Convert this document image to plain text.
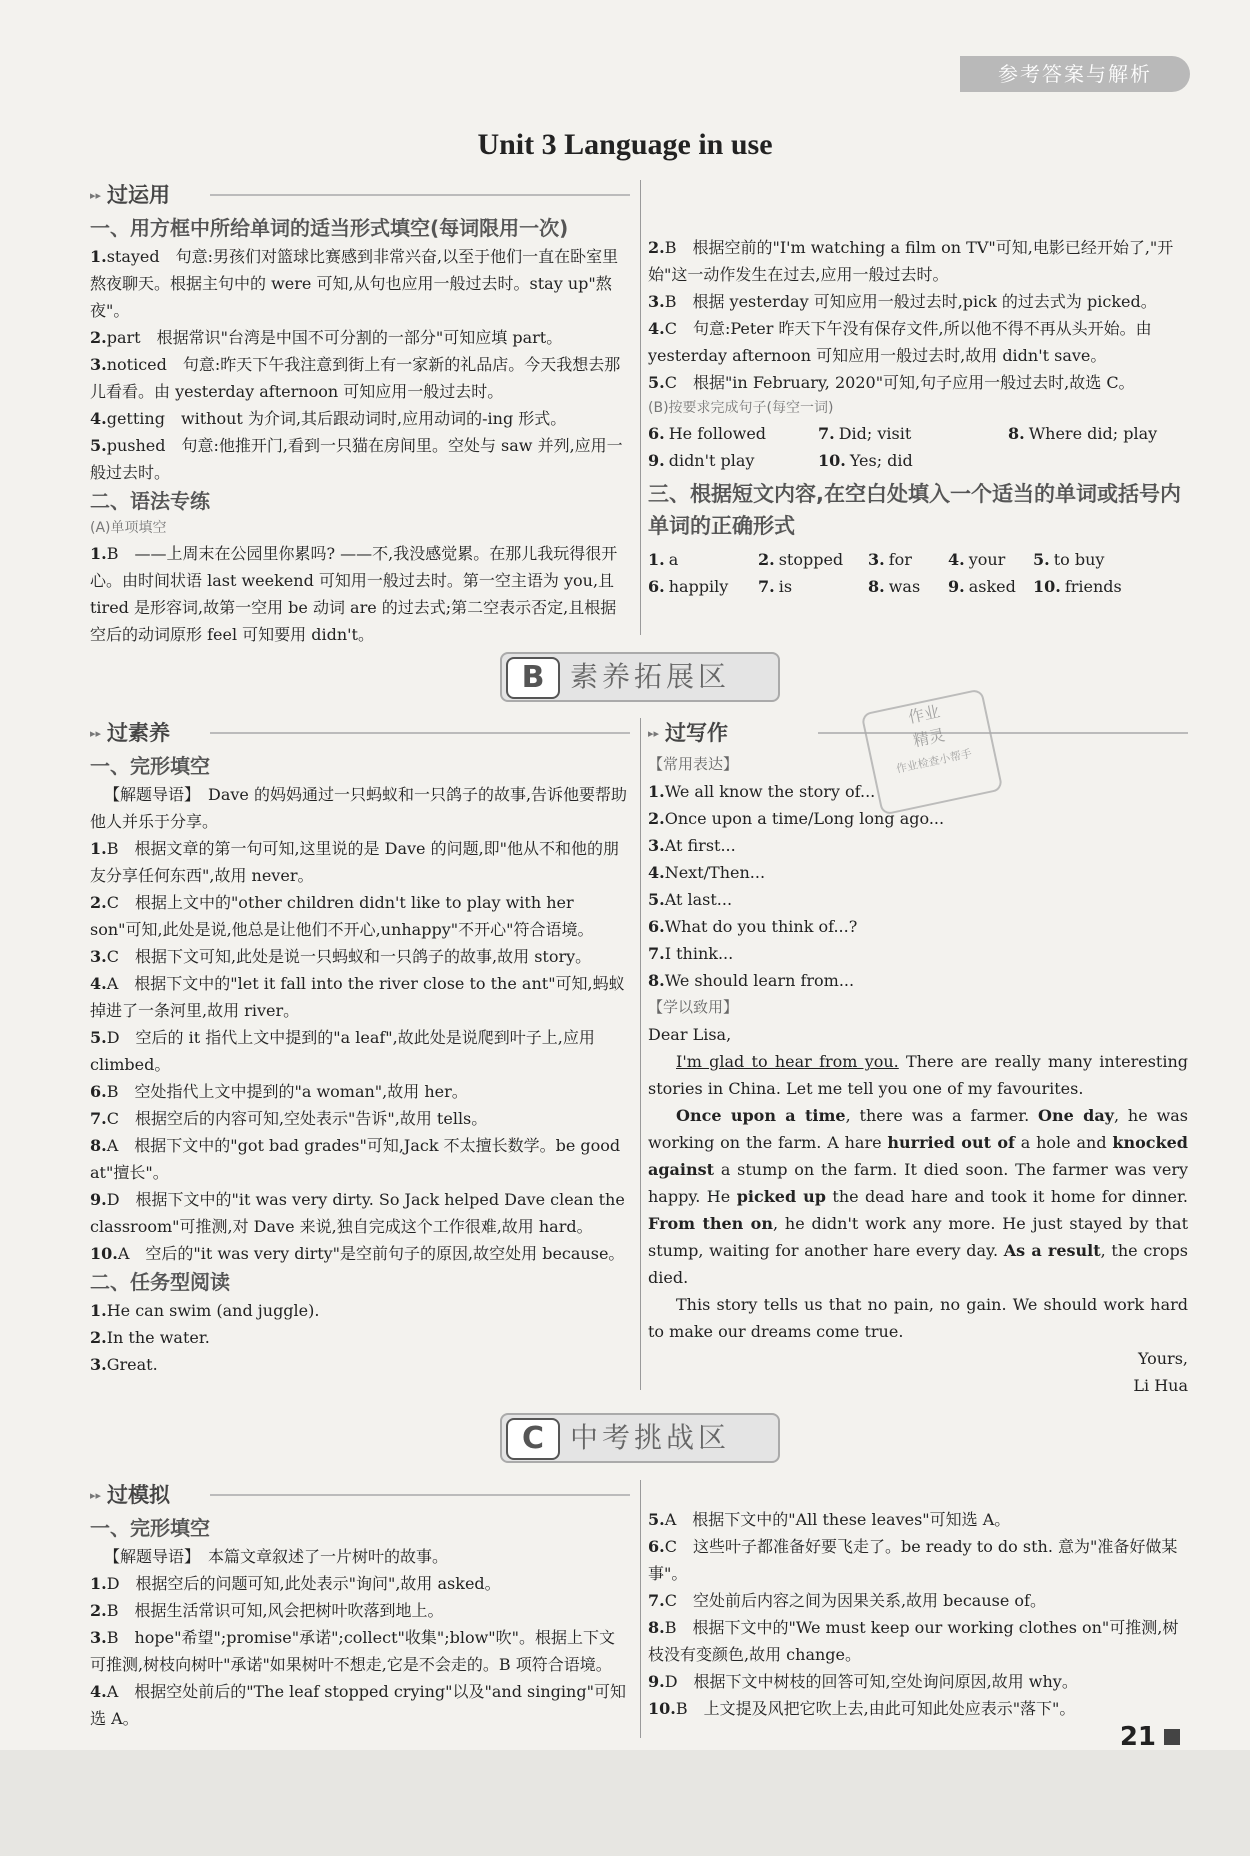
参考答案与解析
Unit 3 Language in use
▸▸ 过运用
一、用方框中所给单词的适当形式填空(每词限用一次)

1.stayed　句意:男孩们对篮球比赛感到非常兴奋,以至于他们一直在卧室里熬夜聊天。根据主句中的 were 可知,从句也应用一般过去时。stay up"熬夜"。

2.part　根据常识"台湾是中国不可分割的一部分"可知应填 part。

3.noticed　句意:昨天下午我注意到街上有一家新的礼品店。今天我想去那儿看看。由 yesterday afternoon 可知应用一般过去时。

4.getting　without 为介词,其后跟动词时,应用动词的-ing 形式。

5.pushed　句意:他推开门,看到一只猫在房间里。空处与 saw 并列,应用一般过去时。

二、语法专练
(A)单项填空

1.B　——上周末在公园里你累吗? ——不,我没感觉累。在那儿我玩得很开心。由时间状语 last weekend 可知用一般过去时。第一空主语为 you,且 tired 是形容词,故第一空用 be 动词 are 的过去式;第二空表示否定,且根据空后的动词原形 feel 可知要用 didn't。

2.B　根据空前的"I'm watching a film on TV"可知,电影已经开始了,"开始"这一动作发生在过去,应用一般过去时。

3.B　根据 yesterday 可知应用一般过去时,pick 的过去式为 picked。

4.C　句意:Peter 昨天下午没有保存文件,所以他不得不再从头开始。由 yesterday afternoon 可知应用一般过去时,故用 didn't save。

5.C　根据"in February, 2020"可知,句子应用一般过去时,故选 C。

(B)按要求完成句子(每空一词)
6. He followed	7. Did; visit	8. Where did; play
9. didn't play	10. Yes; did
三、根据短文内容,在空白处填入一个适当的单词或括号内单词的正确形式
1. a	2. stopped	3. for	4. your	5. to buy
6. happily	7. is	8. was	9. asked	10. friends
B 素养拓展区
▸▸ 过素养
一、完形填空

【解题导语】　Dave 的妈妈通过一只蚂蚁和一只鸽子的故事,告诉他要帮助他人并乐于分享。

1.B　根据文章的第一句可知,这里说的是 Dave 的问题,即"他从不和他的朋友分享任何东西",故用 never。

2.C　根据上文中的"other children didn't like to play with her son"可知,此处是说,他总是让他们不开心,unhappy"不开心"符合语境。

3.C　根据下文可知,此处是说一只蚂蚁和一只鸽子的故事,故用 story。

4.A　根据下文中的"let it fall into the river close to the ant"可知,蚂蚁掉进了一条河里,故用 river。

5.D　空后的 it 指代上文中提到的"a leaf",故此处是说爬到叶子上,应用 climbed。

6.B　空处指代上文中提到的"a woman",故用 her。

7.C　根据空后的内容可知,空处表示"告诉",故用 tells。

8.A　根据下文中的"got bad grades"可知,Jack 不太擅长数学。be good at"擅长"。

9.D　根据下文中的"it was very dirty. So Jack helped Dave clean the classroom"可推测,对 Dave 来说,独自完成这个工作很难,故用 hard。

10.A　空后的"it was very dirty"是空前句子的原因,故空处用 because。

二、任务型阅读

1.He can swim (and juggle).

2.In the water.

3.Great.

▸▸ 过写作
【常用表达】

1.We all know the story of...

2.Once upon a time/Long long ago...

3.At first...

4.Next/Then...

5.At last...

6.What do you think of...?

7.I think...

8.We should learn from...

【学以致用】

Dear Lisa,

I'm glad to hear from you. There are really many interesting stories in China. Let me tell you one of my favourites.

Once upon a time, there was a farmer. One day, he was working on the farm. A hare hurried out of a hole and knocked against a stump on the farm. It died soon. The farmer was very happy. He picked up the dead hare and took it home for dinner. From then on, he didn't work any more. He just stayed by that stump, waiting for another hare every day. As a result, the crops died.

This story tells us that no pain, no gain. We should work hard to make our dreams come true.

Yours,

Li Hua

作业
精灵
作业检查小帮手
C 中考挑战区
▸▸ 过模拟
一、完形填空

【解题导语】　本篇文章叙述了一片树叶的故事。

1.D　根据空后的问题可知,此处表示"询问",故用 asked。

2.B　根据生活常识可知,风会把树叶吹落到地上。

3.B　hope"希望";promise"承诺";collect"收集";blow"吹"。根据上下文可推测,树枝向树叶"承诺"如果树叶不想走,它是不会走的。B 项符合语境。

4.A　根据空处前后的"The leaf stopped crying"以及"and singing"可知选 A。

5.A　根据下文中的"All these leaves"可知选 A。

6.C　这些叶子都准备好要飞走了。be ready to do sth. 意为"准备好做某事"。

7.C　空处前后内容之间为因果关系,故用 because of。

8.B　根据下文中的"We must keep our working clothes on"可推测,树枝没有变颜色,故用 change。

9.D　根据下文中树枝的回答可知,空处询问原因,故用 why。

10.B　上文提及风把它吹上去,由此可知此处应表示"落下"。

21
